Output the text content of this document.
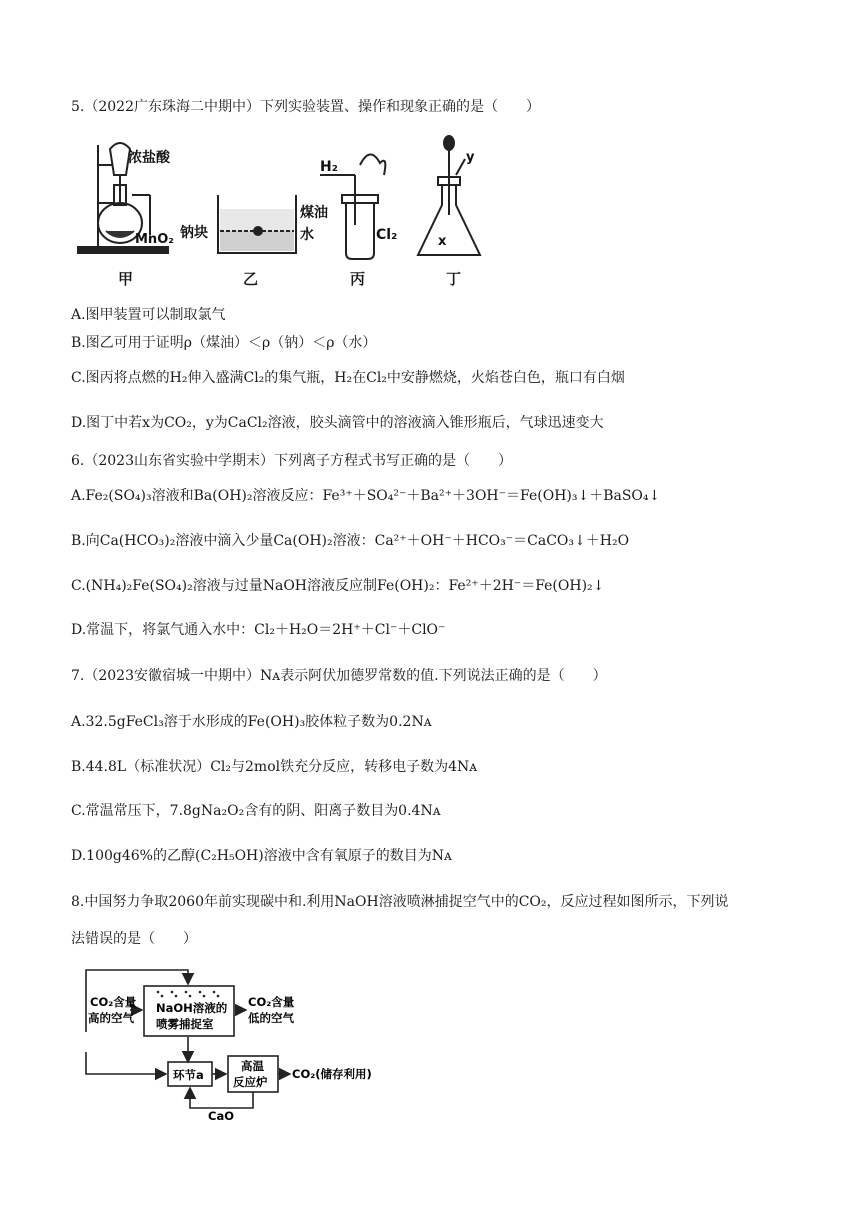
5.（2022广东珠海二中期中）下列实验装置、操作和现象正确的是（　　）
浓盐酸
MnO₂
煤油
钠块	水
H₂
Cl₂
y
x
甲	乙	丙	丁
A.图甲装置可以制取氯气
B.图乙可用于证明ρ（煤油）＜ρ（钠）＜ρ（水）
C.图丙将点燃的H₂伸入盛满Cl₂的集气瓶，H₂在Cl₂中安静燃烧，火焰苍白色，瓶口有白烟
D.图丁中若x为CO₂，y为CaCl₂溶液，胶头滴管中的溶液滴入锥形瓶后，气球迅速变大
6.（2023山东省实验中学期末）下列离子方程式书写正确的是（　　）
A.Fe₂(SO₄)₃溶液和Ba(OH)₂溶液反应：Fe³⁺＋SO₄²⁻＋Ba²⁺＋3OH⁻＝Fe(OH)₃↓＋BaSO₄↓
B.向Ca(HCO₃)₂溶液中滴入少量Ca(OH)₂溶液：Ca²⁺＋OH⁻＋HCO₃⁻＝CaCO₃↓＋H₂O
C.(NH₄)₂Fe(SO₄)₂溶液与过量NaOH溶液反应制Fe(OH)₂：Fe²⁺＋2H⁻＝Fe(OH)₂↓
D.常温下，将氯气通入水中：Cl₂＋H₂O＝2H⁺＋Cl⁻＋ClO⁻
7.（2023安徽宿城一中期中）Nᴀ表示阿伏加德罗常数的值.下列说法正确的是（　　）
A.32.5gFeCl₃溶于水形成的Fe(OH)₃胶体粒子数为0.2Nᴀ
B.44.8L（标准状况）Cl₂与2mol铁充分反应，转移电子数为4Nᴀ
C.常温常压下，7.8gNa₂O₂含有的阴、阳离子数目为0.4Nᴀ
D.100g46%的乙醇(C₂H₅OH)溶液中含有氧原子的数目为Nᴀ
8.中国努力争取2060年前实现碳中和.利用NaOH溶液喷淋捕捉空气中的CO₂，反应过程如图所示，下列说
法错误的是（　　）
CO₂含量
高的空气
NaOH溶液的
喷雾捕捉室
CO₂含量
低的空气
环节a
高温
反应炉
CO₂(储存利用)
CaO
